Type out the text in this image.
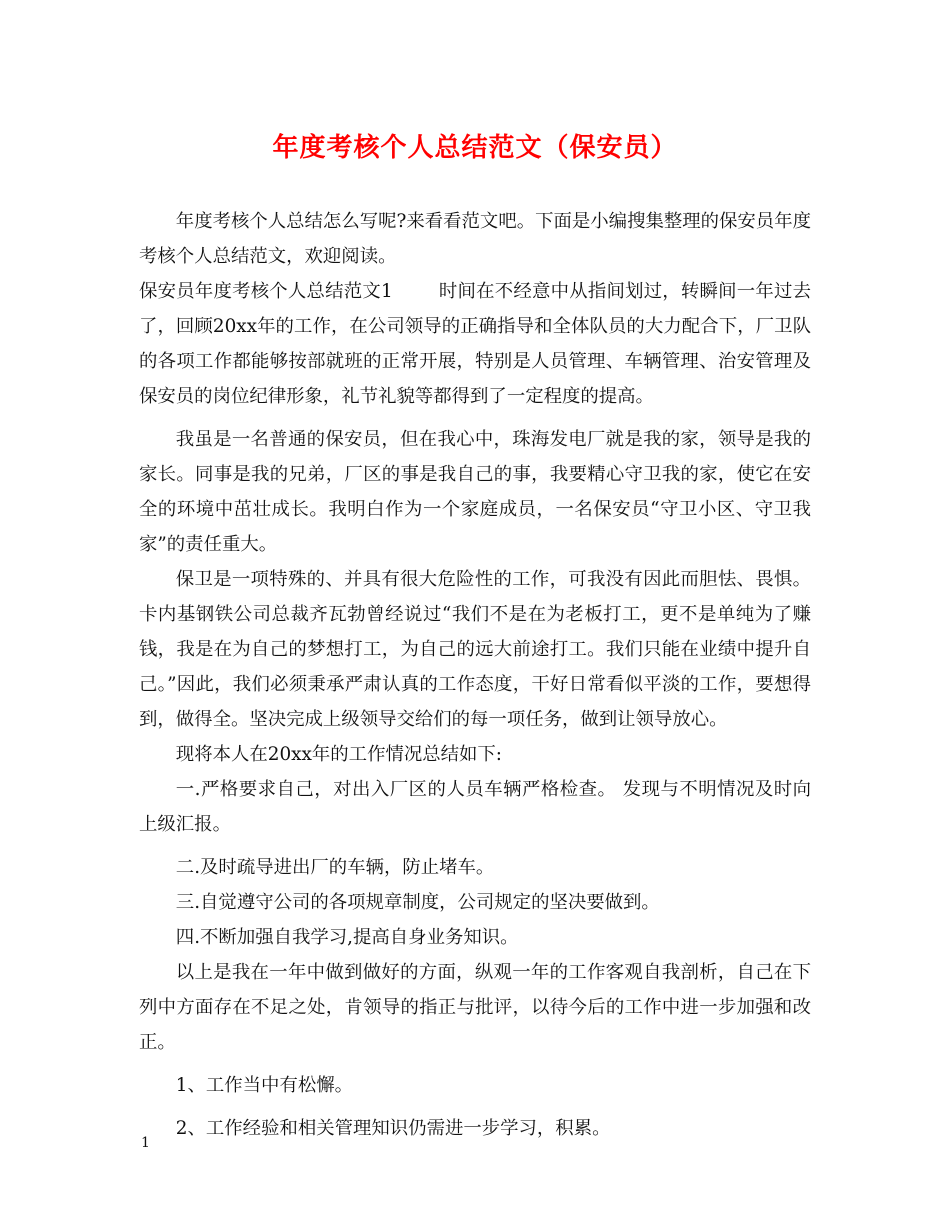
年度考核个人总结范文（保安员）

年度考核个人总结怎么写呢?来看看范文吧。下面是小编搜集整理的保安员年度考核个人总结范文，欢迎阅读。

保安员年度考核个人总结范文1	时间在不经意中从指间划过，转瞬间一年过去了，回顾20xx年的工作，在公司领导的正确指导和全体队员的大力配合下，厂卫队的各项工作都能够按部就班的正常开展，特别是人员管理、车辆管理、治安管理及保安员的岗位纪律形象，礼节礼貌等都得到了一定程度的提高。

我虽是一名普通的保安员，但在我心中，珠海发电厂就是我的家，领导是我的家长。同事是我的兄弟，厂区的事是我自己的事，我要精心守卫我的家，使它在安全的环境中茁壮成长。我明白作为一个家庭成员，一名保安员“守卫小区、守卫我家”的责任重大。

保卫是一项特殊的、并具有很大危险性的工作，可我没有因此而胆怯、畏惧。卡内基钢铁公司总裁齐瓦勃曾经说过“我们不是在为老板打工，更不是单纯为了赚钱，我是在为自己的梦想打工，为自己的远大前途打工。我们只能在业绩中提升自己。”因此，我们必须秉承严肃认真的工作态度，干好日常看似平淡的工作，要想得到，做得全。坚决完成上级领导交给们的每一项任务，做到让领导放心。

现将本人在20xx年的工作情况总结如下:

一.严格要求自己，对出入厂区的人员车辆严格检查。 发现与不明情况及时向上级汇报。

二.及时疏导进出厂的车辆，防止堵车。

三.自觉遵守公司的各项规章制度，公司规定的坚决要做到。

四.不断加强自我学习,提高自身业务知识。

以上是我在一年中做到做好的方面，纵观一年的工作客观自我剖析，自己在下列中方面存在不足之处，肯领导的指正与批评，以待今后的工作中进一步加强和改正。

1、工作当中有松懈。

2、工作经验和相关管理知识仍需进一步学习，积累。

1
